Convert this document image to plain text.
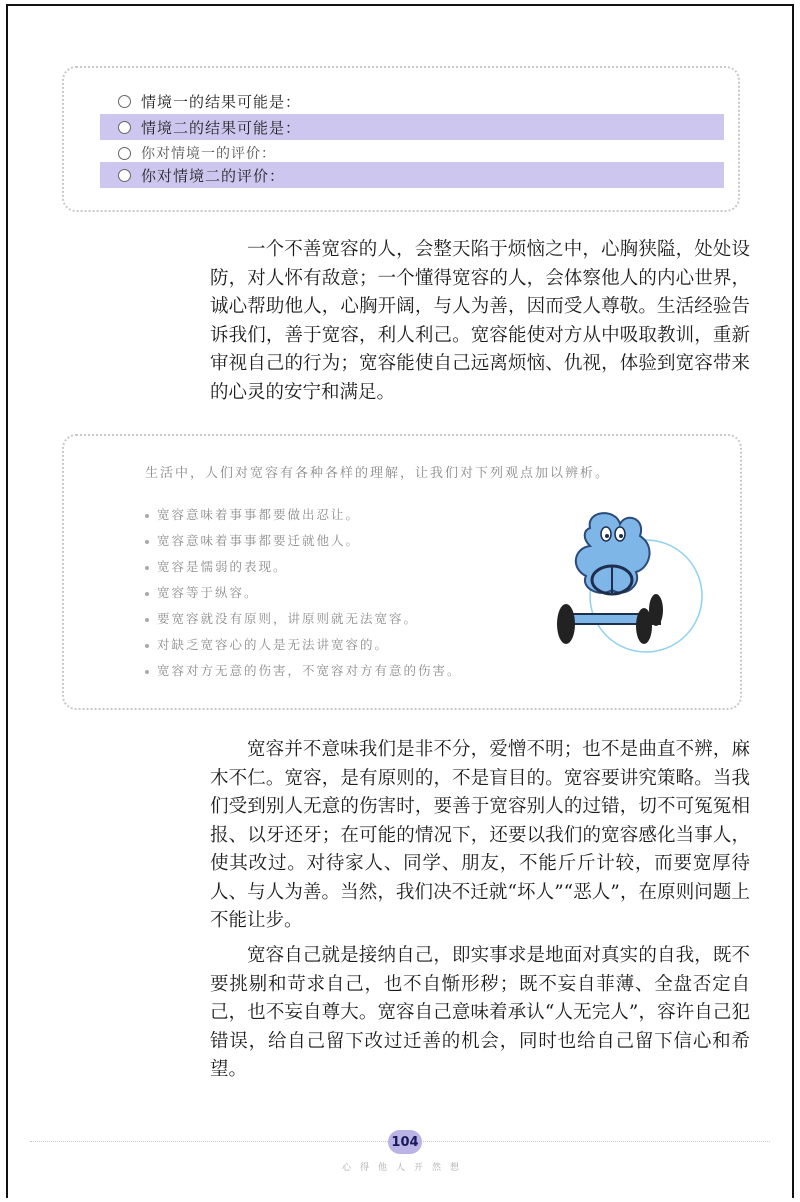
情境一的结果可能是：
情境二的结果可能是：
你对情境一的评价：
你对情境二的评价：

一个不善宽容的人，会整天陷于烦恼之中，心胸狭隘，处处设防，对人怀有敌意；一个懂得宽容的人，会体察他人的内心世界，诚心帮助他人，心胸开阔，与人为善，因而受人尊敬。生活经验告诉我们，善于宽容，利人利己。宽容能使对方从中吸取教训，重新审视自己的行为；宽容能使自己远离烦恼、仇视，体验到宽容带来的心灵的安宁和满足。

生活中，人们对宽容有各种各样的理解，让我们对下列观点加以辨析。
宽容意味着事事都要做出忍让。
宽容意味着事事都要迁就他人。
宽容是懦弱的表现。
宽容等于纵容。
要宽容就没有原则，讲原则就无法宽容。
对缺乏宽容心的人是无法讲宽容的。
宽容对方无意的伤害，不宽容对方有意的伤害。

宽容并不意味我们是非不分，爱憎不明；也不是曲直不辨，麻木不仁。宽容，是有原则的，不是盲目的。宽容要讲究策略。当我们受到别人无意的伤害时，要善于宽容别人的过错，切不可冤冤相报、以牙还牙；在可能的情况下，还要以我们的宽容感化当事人，使其改过。对待家人、同学、朋友，不能斤斤计较，而要宽厚待人、与人为善。当然，我们决不迁就“坏人”“恶人”，在原则问题上不能让步。

宽容自己就是接纳自己，即实事求是地面对真实的自我，既不要挑剔和苛求自己，也不自惭形秽；既不妄自菲薄、全盘否定自己，也不妄自尊大。宽容自己意味着承认“人无完人”，容许自己犯错误，给自己留下改过迁善的机会，同时也给自己留下信心和希望。

104
心得他人开然想
